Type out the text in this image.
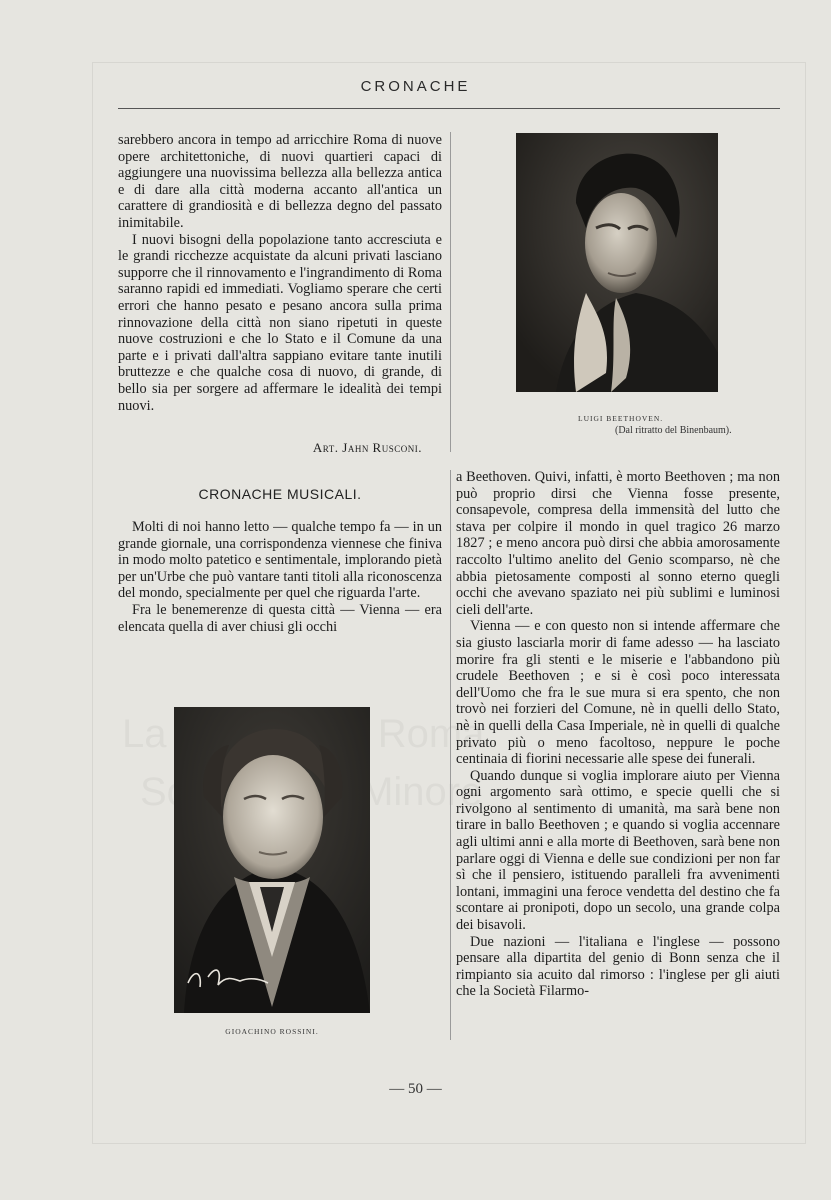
CRONACHE

sarebbero ancora in tempo ad arricchire Roma di nuove opere architettoniche, di nuovi quartieri capaci di aggiungere una nuovissima bellezza alla bellezza antica e di dare alla città moderna accanto all'antica un carattere di grandiosità e di bellezza degno del passato inimitabile.

I nuovi bisogni della popolazione tanto accresciuta e le grandi ricchezze acquistate da alcuni privati lasciano supporre che il rinnovamento e l'ingrandimento di Roma saranno rapidi ed immediati. Vogliamo sperare che certi errori che hanno pesato e pesano ancora sulla prima rinnovazione della città non siano ripetuti in queste nuove costruzioni e che lo Stato e il Comune da una parte e i privati dall'altra sappiano evitare tante inutili bruttezze e che qualche cosa di nuovo, di grande, di bello sia per sorgere ad affermare le idealità dei tempi nuovi.

Art. Jahn Rusconi.
CRONACHE MUSICALI.

Molti di noi hanno letto — qualche tempo fa — in un grande giornale, una corrispondenza viennese che finiva in modo molto patetico e sentimentale, implorando pietà per un'Urbe che può vantare tanti titoli alla riconoscenza del mondo, specialmente per quel che riguarda l'arte.

Fra le benemerenze di questa città — Vienna — era elencata quella di aver chiusi gli occhi

a Beethoven. Quivi, infatti, è morto Beethoven ; ma non può proprio dirsi che Vienna fosse presente, consapevole, compresa della immensità del lutto che stava per colpire il mondo in quel tragico 26 marzo 1827 ; e meno ancora può dirsi che abbia amorosamente raccolto l'ultimo anelito del Genio scomparso, nè che abbia pietosamente composti al sonno eterno quegli occhi che avevano spaziato nei più sublimi e luminosi cieli dell'arte.

Vienna — e con questo non si intende affermare che sia giusto lasciarla morir di fame adesso — ha lasciato morire fra gli stenti e le miserie e l'abbandono più crudele Beethoven ; e si è così poco interessata dell'Uomo che fra le sue mura si era spento, che non trovò nei forzieri del Comune, nè in quelli dello Stato, nè in quelli della Casa Imperiale, nè in quelli di qualche privato più o meno facoltoso, neppure le poche centinaia di fiorini necessarie alle spese dei funerali.

Quando dunque si voglia implorare aiuto per Vienna ogni argomento sarà ottimo, e specie quelli che si rivolgono al sentimento di umanità, ma sarà bene non tirare in ballo Beethoven ; e quando si voglia accennare agli ultimi anni e alla morte di Beethoven, sarà bene non parlare oggi di Vienna e delle sue condizioni per non far sì che il pensiero, istituendo paralleli fra avvenimenti lontani, immagini una feroce vendetta del destino che fa scontare ai pronipoti, dopo un secolo, una grande colpa dei bisavoli.

Due nazioni — l'italiana e l'inglese — possono pensare alla dipartita del genio di Bonn senza che il rimpianto sia acuito dal rimorso : l'inglese per gli aiuti che la Società Filarmo-

LUIGI BEETHOVEN.
(Dal ritratto del Binenbaum).
GIOACHINO ROSSINI.
— 50 —
